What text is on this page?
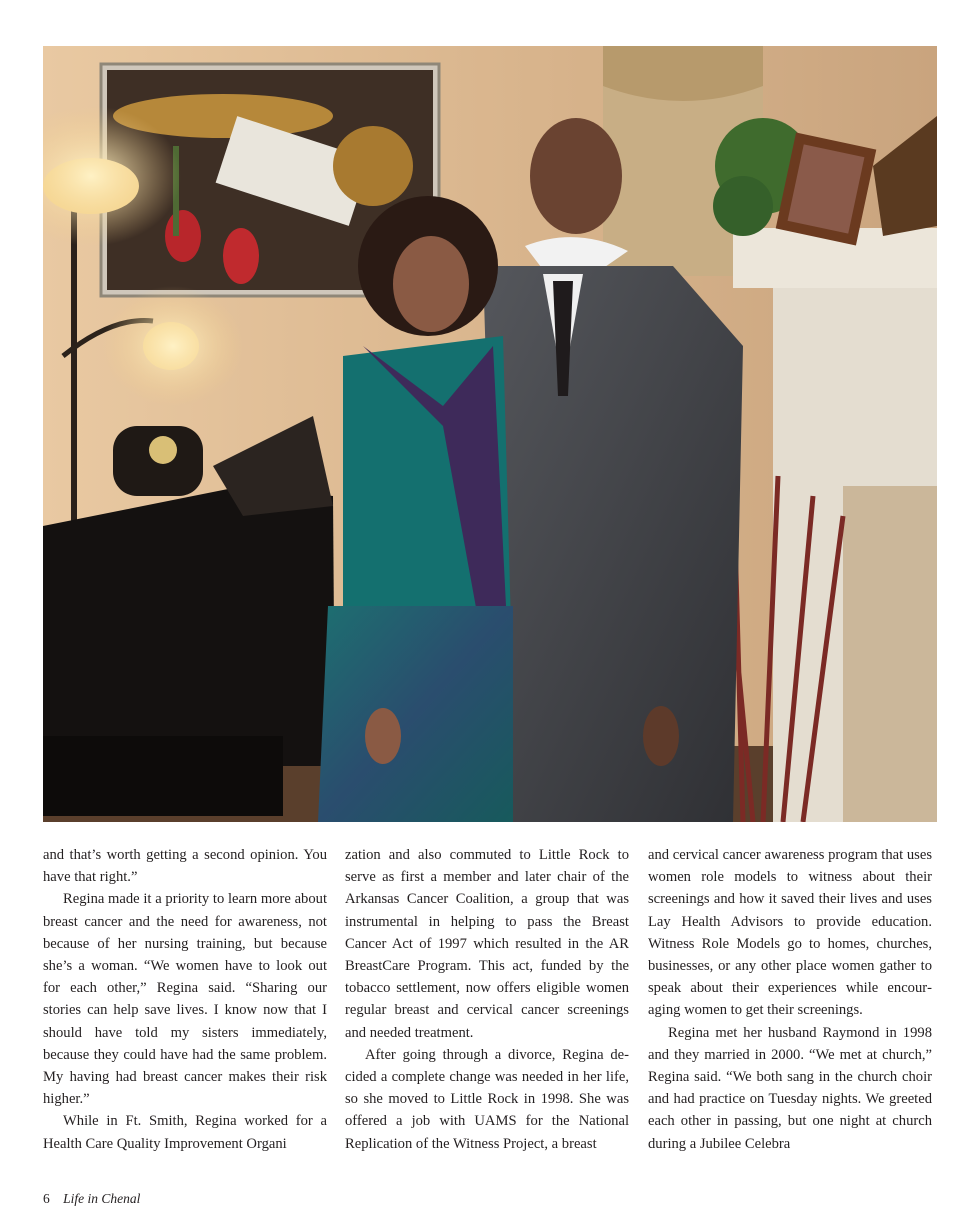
and that’s worth getting a second opinion. You have that right.”

Regina made it a priority to learn more about breast cancer and the need for awareness, not because of her nursing training, but because she’s a woman. “We women have to look out for each other,” Regina said. “Sharing our stories can help save lives. I know now that I should have told my sisters immediately, because they could have had the same problem. My having had breast cancer makes their risk higher.”

While in Ft. Smith, Regina worked for a Health Care Quality Improvement Organi

zation and also commuted to Little Rock to serve as first a member and later chair of the Arkansas Cancer Coalition, a group that was instrumental in helping to pass the Breast Cancer Act of 1997 which resulted in the AR BreastCare Program. This act, funded by the tobacco settlement, now offers eligible women regular breast and cervical cancer screenings and needed treatment.

After going through a divorce, Regina decided a complete change was needed in her life, so she moved to Little Rock in 1998. She was offered a job with UAMS for the National Replication of the Witness Project, a breast

and cervical cancer awareness program that uses women role models to witness about their screenings and how it saved their lives and uses Lay Health Advisors to provide education. Witness Role Models go to homes, churches, businesses, or any other place women gather to speak about their experiences while encouraging women to get their screenings.

Regina met her husband Raymond in 1998 and they married in 2000. “We met at church,” Regina said. “We both sang in the church choir and had practice on Tuesday nights. We greeted each other in passing, but one night at church during a Jubilee Celebra

6 Life in Chenal
